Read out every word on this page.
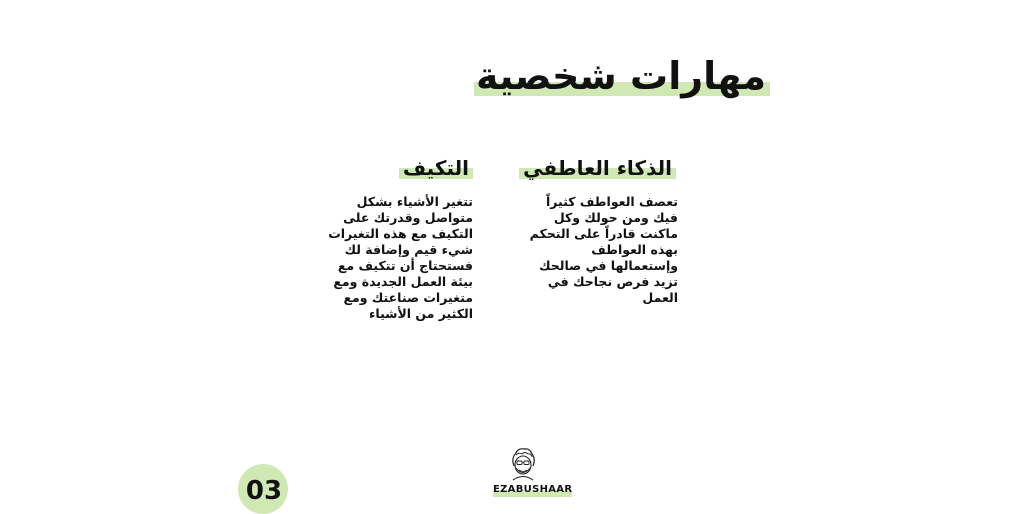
مهارات شخصية
التكيف
تتغير الأشياء بشكل
متواصل وقدرتك على
التكيف مع هذه التغيرات
شيء قيم وإضافة لك
فستحتاج أن تتكيف مع
بيئة العمل الجديدة ومع
متغيرات صناعتك ومع
الكثير من الأشياء
الذكاء العاطفي
تعصف العواطف كثيراً
فيك ومن حولك وكل
ماكنت قادراً على التحكم
بهذه العواطف
وإستعمالها في صالحك
تزيد فرص نجاحك في
العمل
03	EZABUSHAAR
